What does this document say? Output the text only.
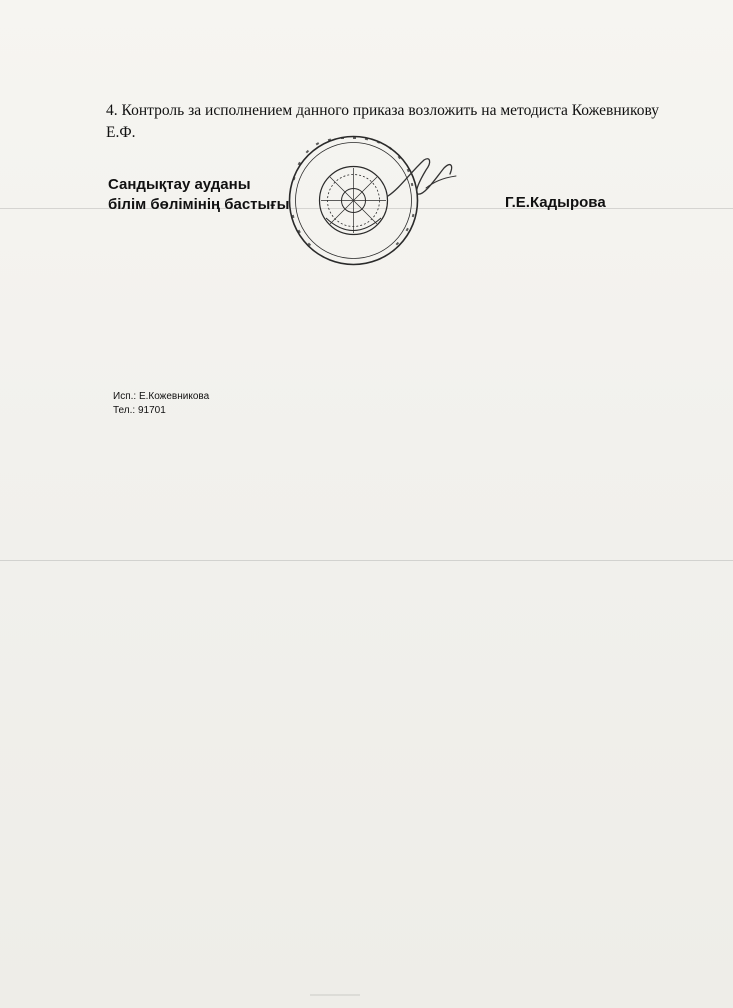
4. Контроль за исполнением данного приказа возложить на методиста Кожевникову Е.Ф.

Сандықтау ауданы
білім бөлімінің бастығы	Г.Е.Кадырова
Исп.: Е.Кожевникова
Тел.: 91701
